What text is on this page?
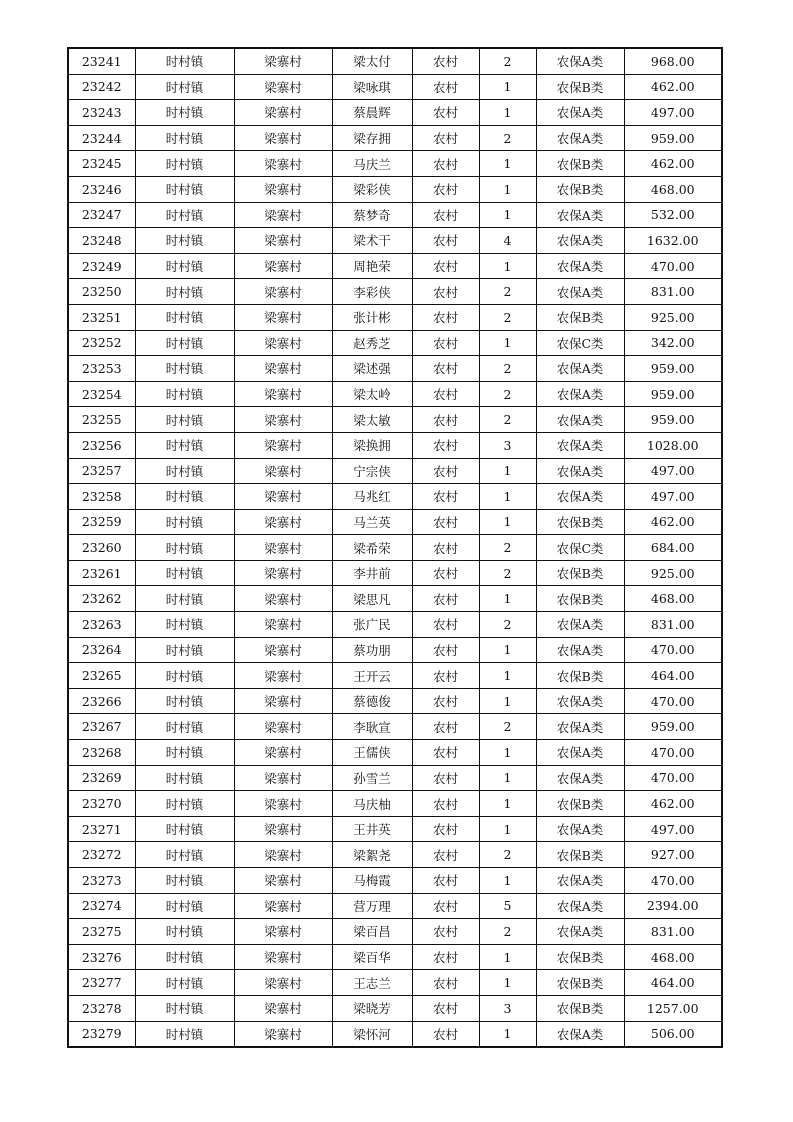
23241	时村镇	梁寨村	梁太付	农村	2	农保A类	968.00
23242	时村镇	梁寨村	梁咏琪	农村	1	农保B类	462.00
23243	时村镇	梁寨村	蔡晨辉	农村	1	农保A类	497.00
23244	时村镇	梁寨村	梁存拥	农村	2	农保A类	959.00
23245	时村镇	梁寨村	马庆兰	农村	1	农保B类	462.00
23246	时村镇	梁寨村	梁彩侠	农村	1	农保B类	468.00
23247	时村镇	梁寨村	蔡梦奇	农村	1	农保A类	532.00
23248	时村镇	梁寨村	梁术干	农村	4	农保A类	1632.00
23249	时村镇	梁寨村	周艳荣	农村	1	农保A类	470.00
23250	时村镇	梁寨村	李彩侠	农村	2	农保A类	831.00
23251	时村镇	梁寨村	张计彬	农村	2	农保B类	925.00
23252	时村镇	梁寨村	赵秀芝	农村	1	农保C类	342.00
23253	时村镇	梁寨村	梁述强	农村	2	农保A类	959.00
23254	时村镇	梁寨村	梁太岭	农村	2	农保A类	959.00
23255	时村镇	梁寨村	梁太敏	农村	2	农保A类	959.00
23256	时村镇	梁寨村	梁换拥	农村	3	农保A类	1028.00
23257	时村镇	梁寨村	宁宗侠	农村	1	农保A类	497.00
23258	时村镇	梁寨村	马兆红	农村	1	农保A类	497.00
23259	时村镇	梁寨村	马兰英	农村	1	农保B类	462.00
23260	时村镇	梁寨村	梁希荣	农村	2	农保C类	684.00
23261	时村镇	梁寨村	李井前	农村	2	农保B类	925.00
23262	时村镇	梁寨村	梁思凡	农村	1	农保B类	468.00
23263	时村镇	梁寨村	张广民	农村	2	农保A类	831.00
23264	时村镇	梁寨村	蔡功朋	农村	1	农保A类	470.00
23265	时村镇	梁寨村	王开云	农村	1	农保B类	464.00
23266	时村镇	梁寨村	蔡德俊	农村	1	农保A类	470.00
23267	时村镇	梁寨村	李耿宣	农村	2	农保A类	959.00
23268	时村镇	梁寨村	王儒侠	农村	1	农保A类	470.00
23269	时村镇	梁寨村	孙雪兰	农村	1	农保A类	470.00
23270	时村镇	梁寨村	马庆柚	农村	1	农保B类	462.00
23271	时村镇	梁寨村	王井英	农村	1	农保A类	497.00
23272	时村镇	梁寨村	梁絮尧	农村	2	农保B类	927.00
23273	时村镇	梁寨村	马梅霞	农村	1	农保A类	470.00
23274	时村镇	梁寨村	营万理	农村	5	农保A类	2394.00
23275	时村镇	梁寨村	梁百昌	农村	2	农保A类	831.00
23276	时村镇	梁寨村	梁百华	农村	1	农保B类	468.00
23277	时村镇	梁寨村	王志兰	农村	1	农保B类	464.00
23278	时村镇	梁寨村	梁晓芳	农村	3	农保B类	1257.00
23279	时村镇	梁寨村	梁怀河	农村	1	农保A类	506.00
